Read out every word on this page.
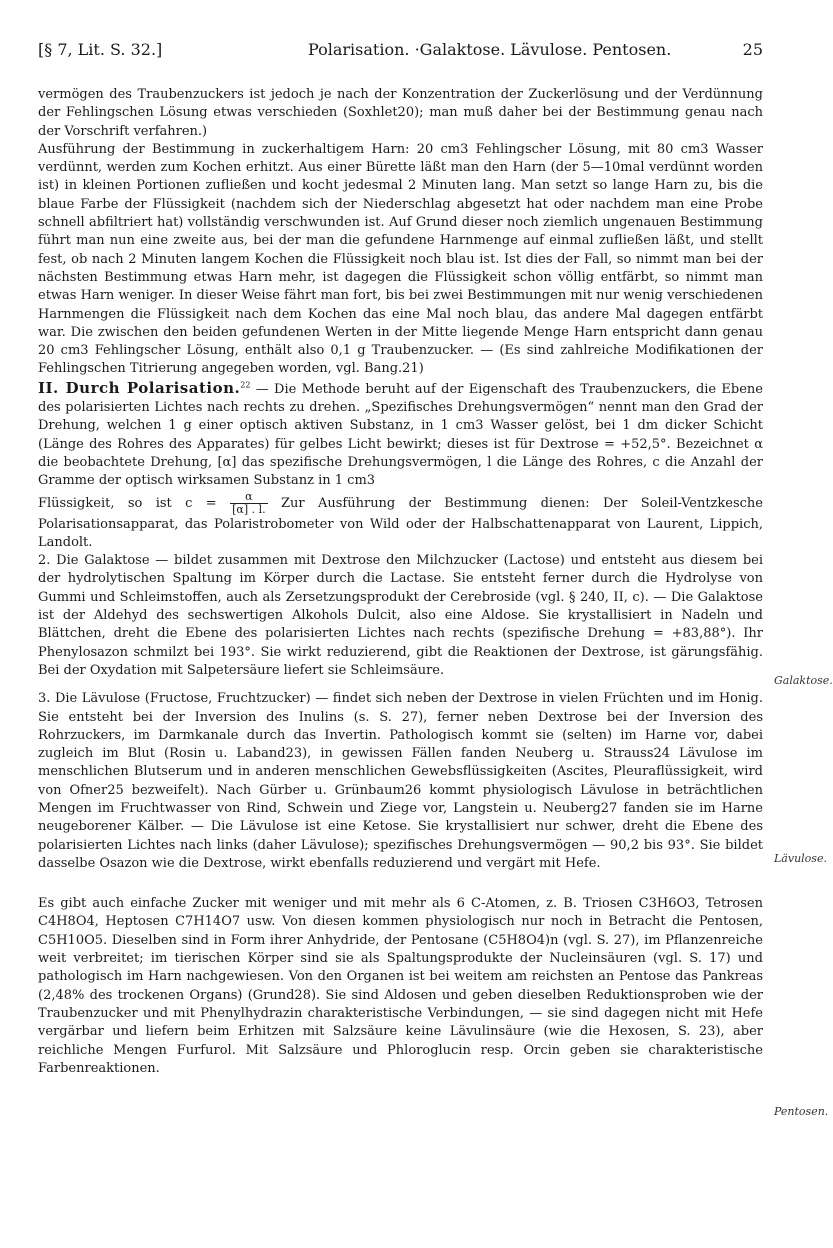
[§ 7, Lit. S. 32.]	Polarisation. ·Galaktose. Lävulose. Pentosen.	25

vermögen des Traubenzuckers ist jedoch je nach der Konzentration der Zuckerlösung und der Verdünnung der Fehlingschen Lösung etwas verschieden (Soxhlet20); man muß daher bei der Bestimmung genau nach der Vorschrift verfahren.)

Ausführung der Bestimmung in zuckerhaltigem Harn: 20 cm3 Fehlingscher Lösung, mit 80 cm3 Wasser verdünnt, werden zum Kochen erhitzt. Aus einer Bürette läßt man den Harn (der 5—10mal verdünnt worden ist) in kleinen Portionen zufließen und kocht jedesmal 2 Minuten lang. Man setzt so lange Harn zu, bis die blaue Farbe der Flüssigkeit (nachdem sich der Niederschlag abgesetzt hat oder nachdem man eine Probe schnell abfiltriert hat) vollständig verschwunden ist. Auf Grund dieser noch ziemlich ungenauen Bestimmung führt man nun eine zweite aus, bei der man die gefundene Harnmenge auf einmal zufließen läßt, und stellt fest, ob nach 2 Minuten langem Kochen die Flüssigkeit noch blau ist. Ist dies der Fall, so nimmt man bei der nächsten Bestimmung etwas Harn mehr, ist dagegen die Flüssigkeit schon völlig entfärbt, so nimmt man etwas Harn weniger. In dieser Weise fährt man fort, bis bei zwei Bestimmungen mit nur wenig verschiedenen Harnmengen die Flüssigkeit nach dem Kochen das eine Mal noch blau, das andere Mal dagegen entfärbt war. Die zwischen den beiden gefundenen Werten in der Mitte liegende Menge Harn entspricht dann genau 20 cm3 Fehlingscher Lösung, enthält also 0,1 g Traubenzucker. — (Es sind zahlreiche Modifikationen der Fehlingschen Titrierung angegeben worden, vgl. Bang.21)

II. Durch Polarisation.$^{22}$ — Die Methode beruht auf der Eigenschaft des Traubenzuckers, die Ebene des polarisierten Lichtes nach rechts zu drehen. „Spezifisches Drehungsvermögen“ nennt man den Grad der Drehung, welchen 1 g einer optisch aktiven Substanz, in 1 cm3 Wasser gelöst, bei 1 dm dicker Schicht (Länge des Rohres des Apparates) für gelbes Licht bewirkt; dieses ist für Dextrose = +52,5°. Bezeichnet α die beobachtete Drehung, [α] das spezifische Drehungsvermögen, l die Länge des Rohres, c die Anzahl der Gramme der optisch wirksamen Substanz in 1 cm3

Flüssigkeit, so ist $c = \frac{\alpha}{[\alpha] . l.}$ Zur Ausführung der Bestimmung dienen: Der Soleil-Ventzkesche Polarisationsapparat, das Polaristrobometer von Wild oder der Halbschattenapparat von Laurent, Lippich, Landolt.

2. Die Galaktose — bildet zusammen mit Dextrose den Milchzucker (Lactose) und entsteht aus diesem bei der hydrolytischen Spaltung im Körper durch die Lactase. Sie entsteht ferner durch die Hydrolyse von Gummi und Schleimstoffen, auch als Zersetzungsprodukt der Cerebroside (vgl. § 240, II, c). — Die Galaktose ist der Aldehyd des sechswertigen Alkohols Dulcit, also eine Aldose. Sie krystallisiert in Nadeln und Blättchen, dreht die Ebene des polarisierten Lichtes nach rechts (spezifische Drehung = +83,88°). Ihr Phenylosazon schmilzt bei 193°. Sie wirkt reduzierend, gibt die Reaktionen der Dextrose, ist gärungsfähig. Bei der Oxydation mit Salpetersäure liefert sie Schleimsäure.

3. Die Lävulose (Fructose, Fruchtzucker) — findet sich neben der Dextrose in vielen Früchten und im Honig. Sie entsteht bei der Inversion des Inulins (s. S. 27), ferner neben Dextrose bei der Inversion des Rohrzuckers, im Darmkanale durch das Invertin. Pathologisch kommt sie (selten) im Harne vor, dabei zugleich im Blut (Rosin u. Laband23), in gewissen Fällen fanden Neuberg u. Strauss24 Lävulose im menschlichen Blutserum und in anderen menschlichen Gewebsflüssigkeiten (Ascites, Pleuraflüssigkeit, wird von Ofner25 bezweifelt). Nach Gürber u. Grünbaum26 kommt physiologisch Lävulose in beträchtlichen Mengen im Fruchtwasser von Rind, Schwein und Ziege vor, Langstein u. Neuberg27 fanden sie im Harne neugeborener Kälber. — Die Lävulose ist eine Ketose. Sie krystallisiert nur schwer, dreht die Ebene des polarisierten Lichtes nach links (daher Lävulose); spezifisches Drehungsvermögen — 90,2 bis 93°. Sie bildet dasselbe Osazon wie die Dextrose, wirkt ebenfalls reduzierend und vergärt mit Hefe.

Es gibt auch einfache Zucker mit weniger und mit mehr als 6 C-Atomen, z. B. Triosen C3H6O3, Tetrosen C4H8O4, Heptosen C7H14O7 usw. Von diesen kommen physiologisch nur noch in Betracht die Pentosen, C5H10O5. Dieselben sind in Form ihrer Anhydride, der Pentosane (C5H8O4)n (vgl. S. 27), im Pflanzenreiche weit verbreitet; im tierischen Körper sind sie als Spaltungsprodukte der Nucleinsäuren (vgl. S. 17) und pathologisch im Harn nachgewiesen. Von den Organen ist bei weitem am reichsten an Pentose das Pankreas (2,48% des trockenen Organs) (Grund28). Sie sind Aldosen und geben dieselben Reduktionsproben wie der Traubenzucker und mit Phenylhydrazin charakteristische Verbindungen, — sie sind dagegen nicht mit Hefe vergärbar und liefern beim Erhitzen mit Salzsäure keine Lävulinsäure (wie die Hexosen, S. 23), aber reichliche Mengen Furfurol. Mit Salzsäure und Phloroglucin resp. Orcin geben sie charakteristische Farbenreaktionen.

Galaktose.
Lävulose.
Pentosen.
